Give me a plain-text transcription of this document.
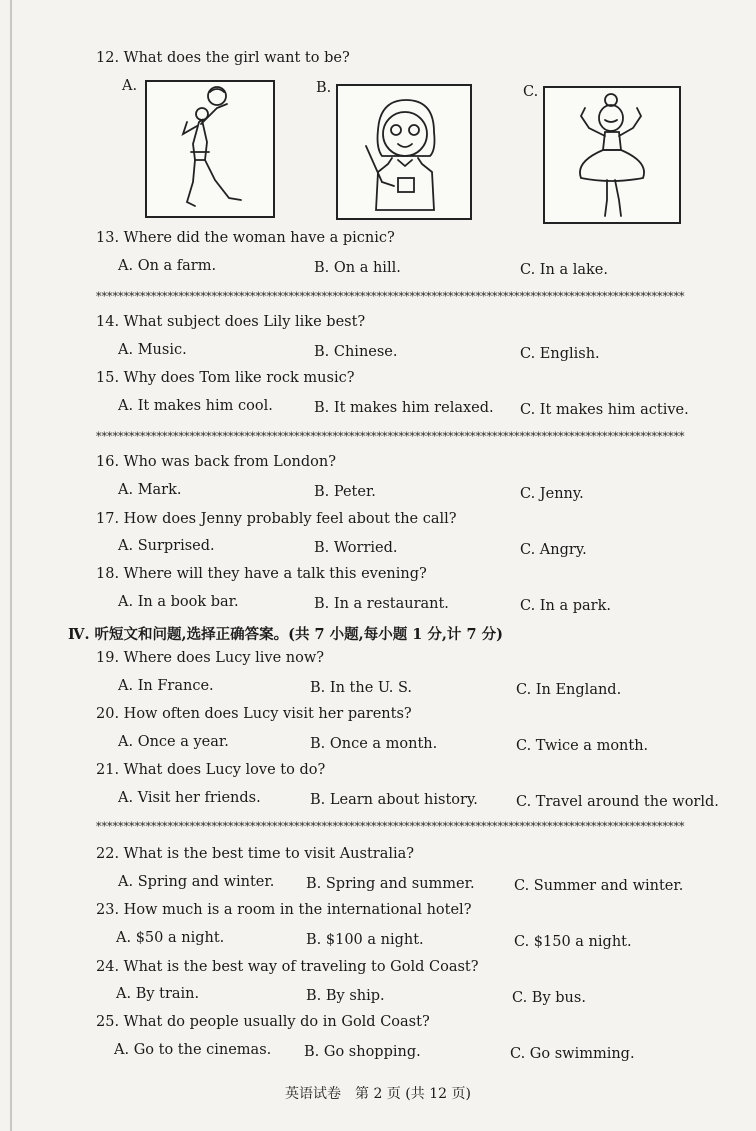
12. What does the girl want to be?
A.	B.	C.
13. Where did the woman have a picnic?
A. On a farm.	B. On a hill.	C. In a lake.
***********************************************************************************************************
14. What subject does Lily like best?
A. Music.	B. Chinese.	C. English.
15. Why does Tom like rock music?
A. It makes him cool.	B. It makes him relaxed. C. It makes him active.
***********************************************************************************************************
16. Who was back from London?
A. Mark.	B. Peter.	C. Jenny.
17. How does Jenny probably feel about the call?
A. Surprised.	B. Worried.	C. Angry.
18. Where will they have a talk this evening?
A. In a book bar.	B. In a restaurant.	C. In a park.
Ⅳ. 听短文和问题,选择正确答案。(共 7 小题,每小题 1 分,计 7 分)
19. Where does Lucy live now?
A. In France.	B. In the U. S.	C. In England.
20. How often does Lucy visit her parents?
A. Once a year.	B. Once a month.	C. Twice a month.
21. What does Lucy love to do?
A. Visit her friends.	B. Learn about history.	C. Travel around the world.
***********************************************************************************************************
22. What is the best time to visit Australia?
A. Spring and winter. B. Spring and summer.	C. Summer and winter.
23. How much is a room in the international hotel?
A. $50 a night.	B. $100 a night.	C. $150 a night.
24. What is the best way of traveling to Gold Coast?
A. By train.	B. By ship.	C. By bus.
25. What do people usually do in Gold Coast?
A. Go to the cinemas. B. Go shopping.	C. Go swimming.
英语试卷　第 2 页 (共 12 页)
